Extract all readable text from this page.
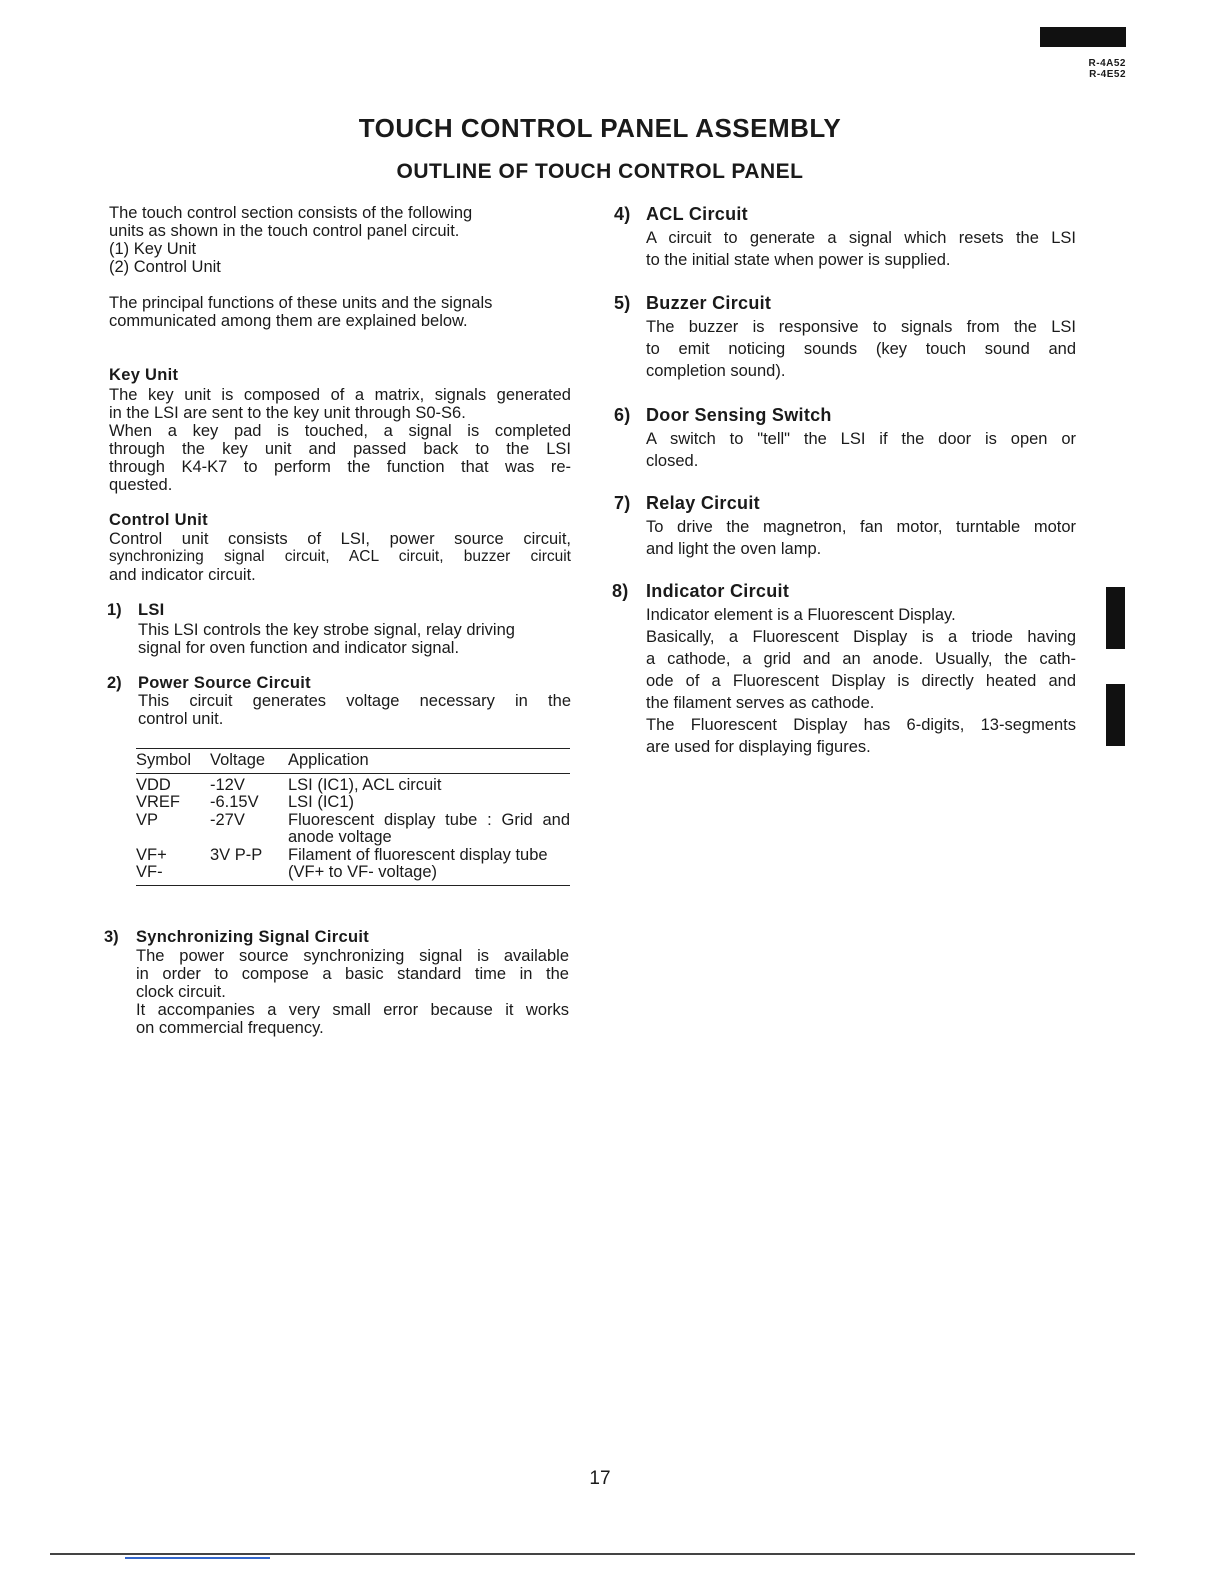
R-4A52
R-4E52
TOUCH CONTROL PANEL ASSEMBLY
OUTLINE OF TOUCH CONTROL PANEL
The touch control section consists of the following
units as shown in the touch control panel circuit.
(1) Key Unit
(2) Control Unit
The principal functions of these units and the signals
communicated among them are explained below.
Key Unit
The key unit is composed of a matrix, signals generated
in the LSI are sent to the key unit through S0-S6.
When a key pad is touched, a signal is completed
through the key unit and passed back to the LSI
through K4-K7 to perform the function that was re-
quested.
Control Unit
Control unit consists of LSI, power source circuit,
synchronizing signal circuit, ACL circuit, buzzer circuit
and indicator circuit.
1) LSI
This LSI controls the key strobe signal, relay driving
signal for oven function and indicator signal.
2) Power Source Circuit
This circuit generates voltage necessary in the
control unit.
Symbol	Voltage	Application
VDD	-12V	LSI (IC1), ACL circuit
VREF	-6.15V	LSI (IC1)
VP	-27V	Fluorescent display tube : Grid and anode voltage
VF+	3V P-P	Filament of fluorescent display tube
VF-		(VF+ to VF- voltage)
3) Synchronizing Signal Circuit
The power source synchronizing signal is available
in order to compose a basic standard time in the
clock circuit.
It accompanies a very small error because it works
on commercial frequency.
4) ACL Circuit
A circuit to generate a signal which resets the LSI
to the initial state when power is supplied.
5) Buzzer Circuit
The buzzer is responsive to signals from the LSI
to emit noticing sounds (key touch sound and
completion sound).
6) Door Sensing Switch
A switch to "tell" the LSI if the door is open or
closed.
7) Relay Circuit
To drive the magnetron, fan motor, turntable motor
and light the oven lamp.
8) Indicator Circuit
Indicator element is a Fluorescent Display.
Basically, a Fluorescent Display is a triode having
a cathode, a grid and an anode. Usually, the cath-
ode of a Fluorescent Display is directly heated and
the filament serves as cathode.
The Fluorescent Display has 6-digits, 13-segments
are used for displaying figures.
17
